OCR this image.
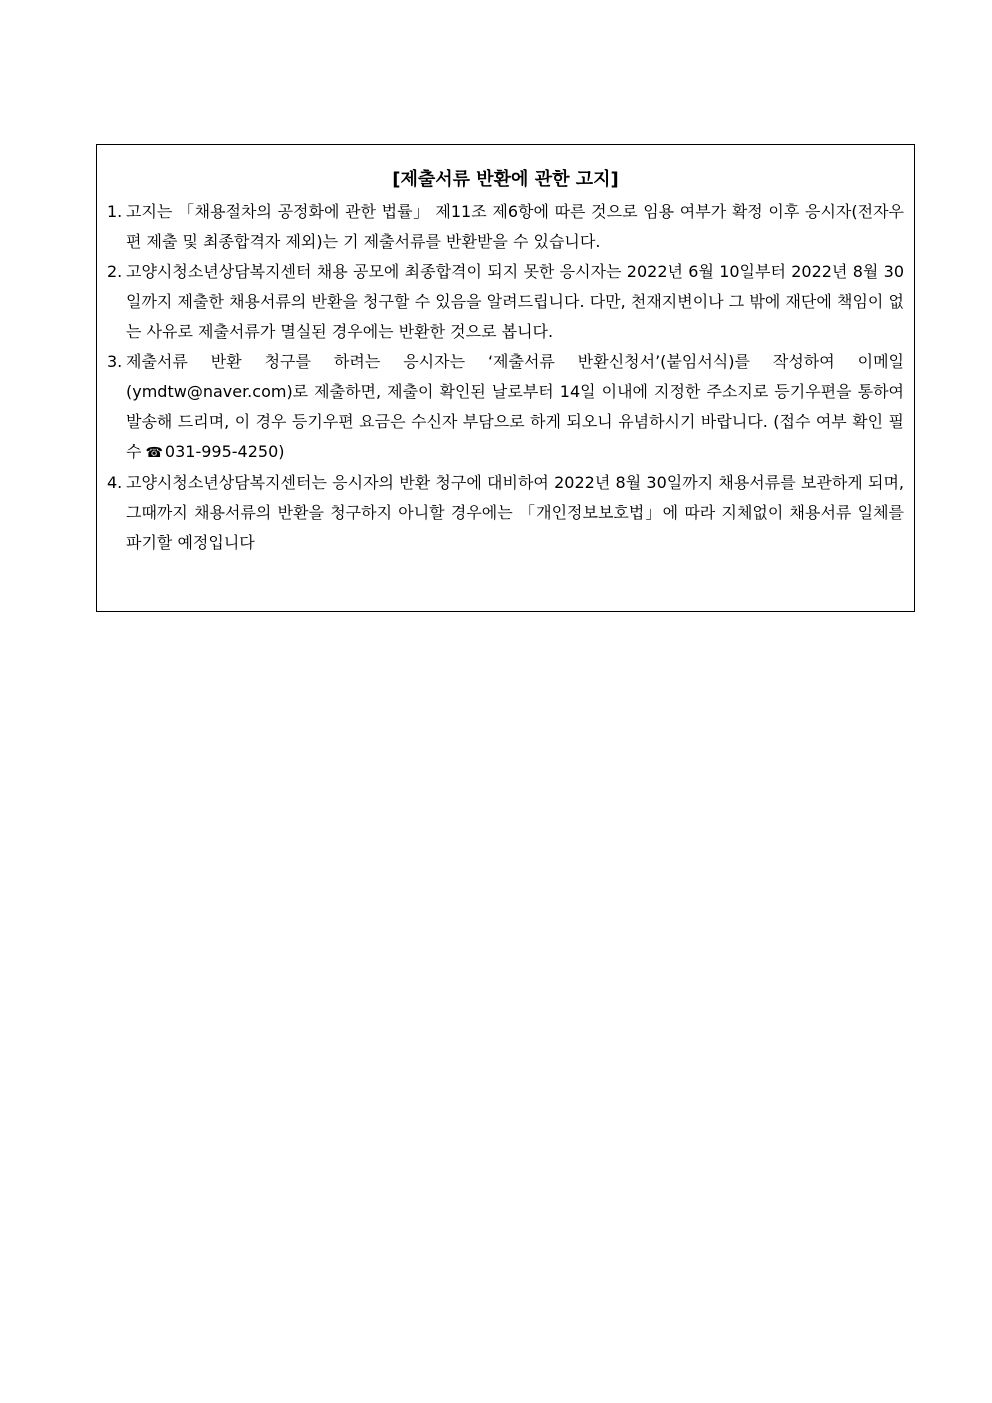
[제출서류 반환에 관한 고지]
1. 고지는 「채용절차의 공정화에 관한 법률」 제11조 제6항에 따른 것으로 임용 여부가 확정 이후 응시자(전자우편 제출 및 최종합격자 제외)는 기 제출서류를 반환받을 수 있습니다.
2. 고양시청소년상담복지센터 채용 공모에 최종합격이 되지 못한 응시자는 2022년 6월 10일부터 2022년 8월 30일까지 제출한 채용서류의 반환을 청구할 수 있음을 알려드립니다. 다만, 천재지변이나 그 밖에 재단에 책임이 없는 사유로 제출서류가 멸실된 경우에는 반환한 것으로 봅니다.
3. 제출서류 반환 청구를 하려는 응시자는 ‘제출서류 반환신청서’(붙임서식)를 작성하여 이메일(ymdtw@naver.com)로 제출하면, 제출이 확인된 날로부터 14일 이내에 지정한 주소지로 등기우편을 통하여 발송해 드리며, 이 경우 등기우편 요금은 수신자 부담으로 하게 되오니 유념하시기 바랍니다. (접수 여부 확인 필수 ☎ 031-995-4250)
4. 고양시청소년상담복지센터는 응시자의 반환 청구에 대비하여 2022년 8월 30일까지 채용서류를 보관하게 되며, 그때까지 채용서류의 반환을 청구하지 아니할 경우에는 「개인정보보호법」에 따라 지체없이 채용서류 일체를 파기할 예정입니다
